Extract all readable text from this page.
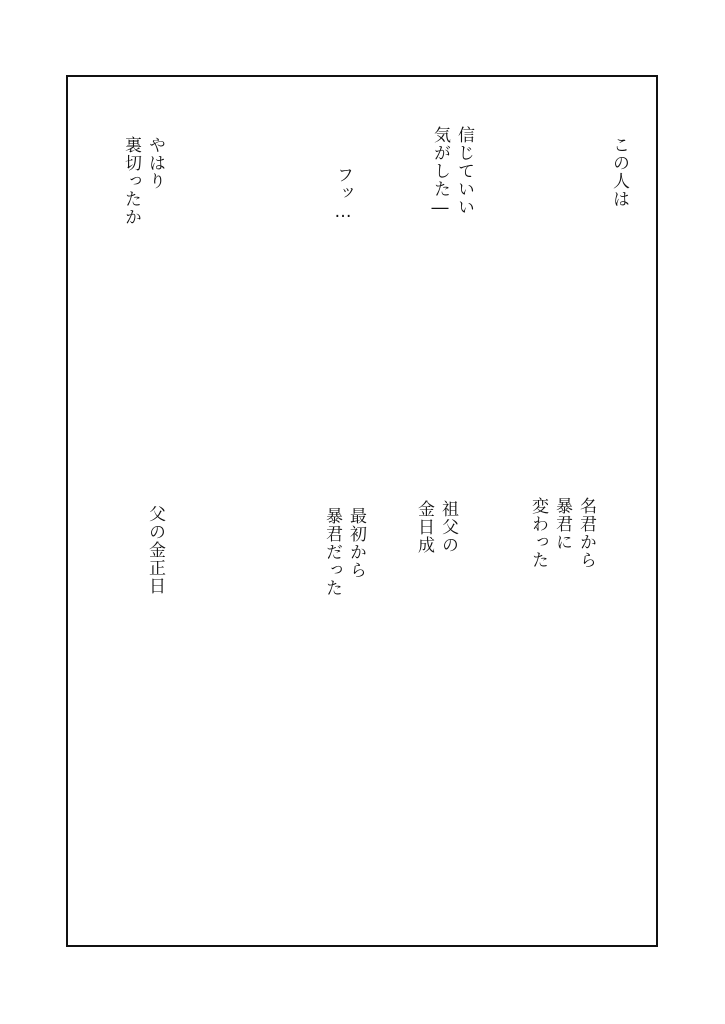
この人は
信じていい
気がした―
フッ…
やはり
裏切ったか
名君から
暴君に
変わった
祖父の
金日成
最初から
暴君だった
父の金正日
